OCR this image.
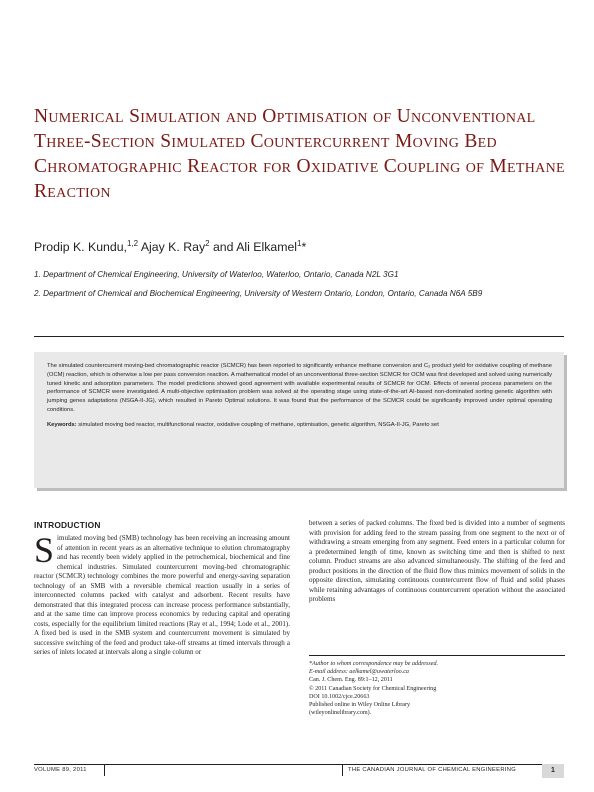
Numerical Simulation and Optimisation of Unconventional Three-Section Simulated Countercurrent Moving Bed Chromatographic Reactor for Oxidative Coupling of Methane Reaction

Prodip K. Kundu,$^{1,2}$ Ajay K. Ray$^2$ and Ali Elkamel$^1$*

1. Department of Chemical Engineering, University of Waterloo, Waterloo, Ontario, Canada N2L 3G1

2. Department of Chemical and Biochemical Engineering, University of Western Ontario, London, Ontario, Canada N6A 5B9

The simulated countercurrent moving-bed chromatographic reactor (SCMCR) has been reported to significantly enhance methane conversion and C₂ product yield for oxidative coupling of methane (OCM) reaction, which is otherwise a low per pass conversion reaction. A mathematical model of an unconventional three-section SCMCR for OCM was first developed and solved using numerically tuned kinetic and adsorption parameters. The model predictions showed good agreement with available experimental results of SCMCR for OCM. Effects of several process parameters on the performance of SCMCR were investigated. A multi-objective optimisation problem was solved at the operating stage using state-of-the-art AI-based non-dominated sorting genetic algorithm with jumping genes adaptations (NSGA-II-JG), which resulted in Pareto Optimal solutions. It was found that the performance of the SCMCR could be significantly improved under optimal operating conditions.

Keywords: simulated moving bed reactor, multifunctional reactor, oxidative coupling of methane, optimisation, genetic algorithm, NSGA-II-JG, Pareto set

INTRODUCTION
Simulated moving bed (SMB) technology has been receiving an increasing amount of attention in recent years as an alternative technique to elution chromatography and has recently been widely applied in the petrochemical, biochemical and fine chemical industries. Simulated countercurrent moving-bed chromatographic reactor (SCMCR) technology combines the more powerful and energy-saving separation technology of an SMB with a reversible chemical reaction usually in a series of interconnected columns packed with catalyst and adsorbent. Recent results have demonstrated that this integrated process can increase process performance substantially, and at the same time can improve process economics by reducing capital and operating costs, especially for the equilibrium limited reactions (Ray et al., 1994; Lode et al., 2001). A fixed bed is used in the SMB system and countercurrent movement is simulated by successive switching of the feed and product take-off streams at timed intervals through a series of inlets located at intervals along a single column or
between a series of packed columns. The fixed bed is divided into a number of segments with provision for adding feed to the stream passing from one segment to the next or of withdrawing a stream emerging from any segment. Feed enters in a particular column for a predetermined length of time, known as switching time and then is shifted to next column. Product streams are also advanced simultaneously. The shifting of the feed and product positions in the direction of the fluid flow thus mimics movement of solids in the opposite direction, simulating continuous countercurrent flow of fluid and solid phases while retaining advantages of continuous countercurrent operation without the associated problems
*Author to whom correspondence may be addressed.
E-mail address: aelkamel@uwaterloo.ca
Can. J. Chem. Eng. 89:1–12, 2011
© 2011 Canadian Society for Chemical Engineering
DOI 10.1002/cjce.20663
Published online in Wiley Online Library
(wileyonlinelibrary.com).
VOLUME 89, 2011	THE CANADIAN JOURNAL OF CHEMICAL ENGINEERING	1
